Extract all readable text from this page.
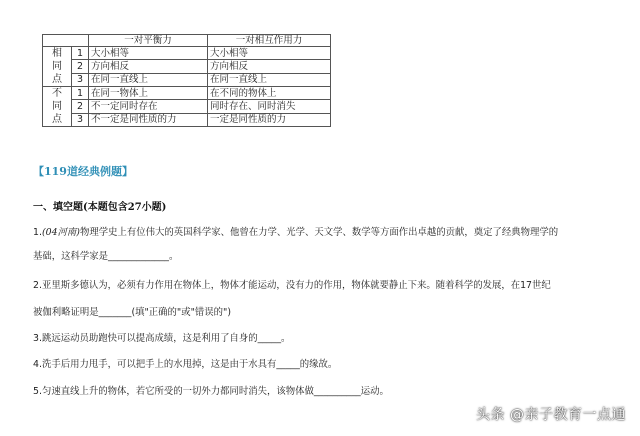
		一对平衡力	一对相互作用力

相
同
点	1	大小相等	大小相等
	2	方向相反	方向相反
	3	在同一直线上	在同一直线上

不
同
点	1	在同一物体上	在不同的物体上
	2	不一定同时存在	同时存在、同时消失
	3	不一定是同性质的力	一定是同性质的力
【119道经典例题】
一、填空题(本题包含27小题)
1.(04河南)物理学史上有位伟大的英国科学家、他曾在力学、光学、天文学、数学等方面作出卓越的贡献，奠定了经典物理学的
基础，这科学家是_____________。
2.亚里斯多德认为，必须有力作用在物体上，物体才能运动，没有力的作用，物体就要静止下来。随着科学的发展，在17世纪
被伽利略证明是_______(填"正确的"或"错误的")
3.跳远运动员助跑快可以提高成绩，这是利用了自身的_____。
4.洗手后用力甩手，可以把手上的水甩掉，这是由于水具有_____的缘故。
5.匀速直线上升的物体，若它所受的一切外力都同时消失，该物体做__________运动。
头条 @亲子教育一点通
